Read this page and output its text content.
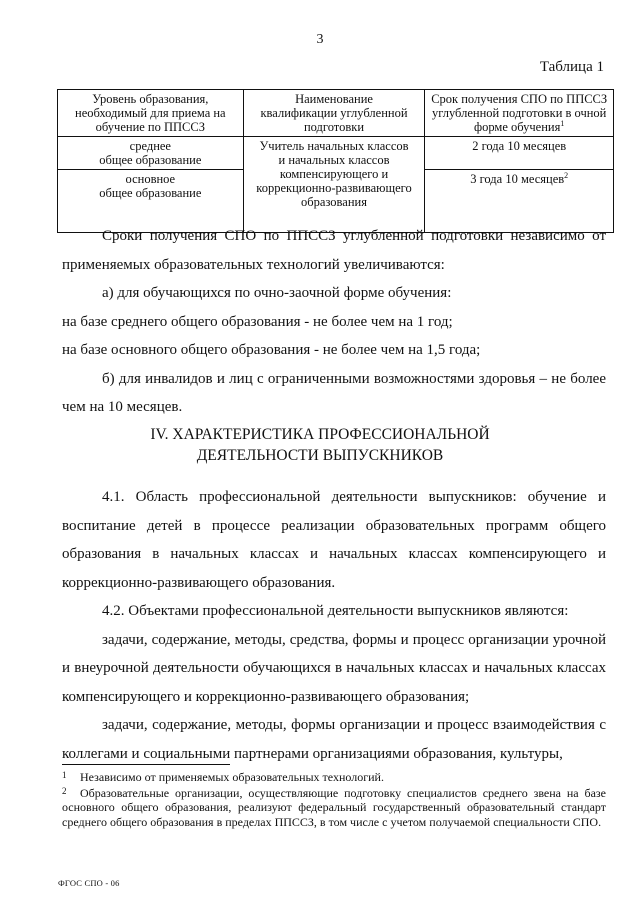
3
Таблица 1
Уровень образования,
необходимый для приема на
обучение по ППССЗ	Наименование
квалификации углубленной
подготовки	Срок получения СПО по ППССЗ
углубленной подготовки в очной
форме обучения$^1$
среднее
общее образование	Учитель начальных классов
и начальных классов
компенсирующего и
коррекционно-развивающего
образования	2 года 10 месяцев
основное
общее образование		3 года 10 месяцев$^2$

Сроки получения СПО по ППССЗ углубленной подготовки независимо от применяемых образовательных технологий увеличиваются:

а) для обучающихся по очно-заочной форме обучения:

на базе среднего общего образования - не более чем на 1 год;

на базе основного общего образования - не более чем на 1,5 года;

б) для инвалидов и лиц с ограниченными возможностями здоровья – не более чем на 10 месяцев.

IV. ХАРАКТЕРИСТИКА ПРОФЕССИОНАЛЬНОЙ
ДЕЯТЕЛЬНОСТИ ВЫПУСКНИКОВ

4.1. Область профессиональной деятельности выпускников: обучение и воспитание детей в процессе реализации образовательных программ общего образования в начальных классах и начальных классах компенсирующего и коррекционно-развивающего образования.

4.2. Объектами профессиональной деятельности выпускников являются:

задачи, содержание, методы, средства, формы и процесс организации урочной и внеурочной деятельности обучающихся в начальных классах и начальных классах компенсирующего и коррекционно-развивающего образования;

задачи, содержание, методы, формы организации и процесс взаимодействия с коллегами и социальными партнерами организациями образования, культуры,

1 Независимо от применяемых образовательных технологий.

2 Образовательные организации, осуществляющие подготовку специалистов среднего звена на базе основного общего образования, реализуют федеральный государственный образовательный стандарт среднего общего образования в пределах ППССЗ, в том числе с учетом получаемой специальности СПО.

ФГОС СПО - 06
